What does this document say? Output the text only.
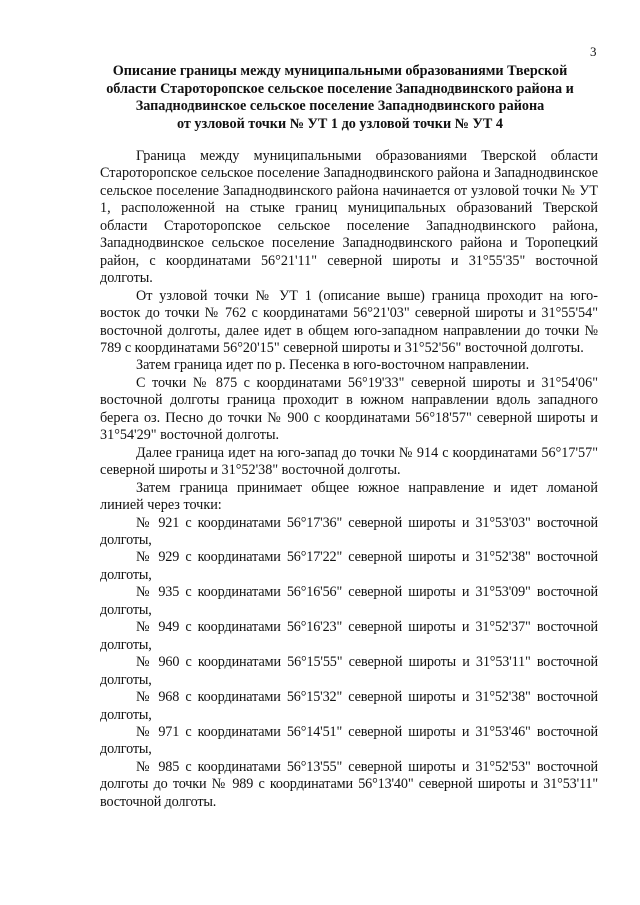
3
Описание границы между муниципальными образованиями Тверской
области Старотoропское сельское поселение Западнодвинского района и
Западнодвинское сельское поселение Западнодвинского района
от узловой точки № УТ 1 до узловой точки № УТ 4

Граница между муниципальными образованиями Тверской области Старотoропское сельское поселение Западнодвинского района и Западнодвинское сельское поселение Западнодвинского района начинается от узловой точки № УТ 1, расположенной на стыке границ муниципальных образований Тверской области Старотoропское сельское поселение Западнодвинского района, Западнодвинское сельское поселение Западнодвинского района и Торопецкий район, с координатами 56°21'11" северной широты и 31°55'35" восточной долготы.

От узловой точки № УТ 1 (описание выше) граница проходит на юго-восток до точки № 762 с координатами 56°21'03" северной широты и 31°55'54" восточной долготы, далее идет в общем юго-западном направлении до точки № 789 с координатами 56°20'15" северной широты и 31°52'56" восточной долготы.

Затем граница идет по р. Песенка в юго-восточном направлении.

С точки № 875 с координатами 56°19'33" северной широты и 31°54'06" восточной долготы граница проходит в южном направлении вдоль западного берега оз. Песно до точки № 900 с координатами 56°18'57" северной широты и 31°54'29" восточной долготы.

Далее граница идет на юго-запад до точки № 914 с координатами 56°17'57" северной широты и 31°52'38" восточной долготы.

Затем граница принимает общее южное направление и идет ломаной линией через точки:

№ 921 с координатами 56°17'36" северной широты и 31°53'03" восточной долготы,

№ 929 с координатами 56°17'22" северной широты и 31°52'38" восточной долготы,

№ 935 с координатами 56°16'56" северной широты и 31°53'09" восточной долготы,

№ 949 с координатами 56°16'23" северной широты и 31°52'37" восточной долготы,

№ 960 с координатами 56°15'55" северной широты и 31°53'11" восточной долготы,

№ 968 с координатами 56°15'32" северной широты и 31°52'38" восточной долготы,

№ 971 с координатами 56°14'51" северной широты и 31°53'46" восточной долготы,

№ 985 с координатами 56°13'55" северной широты и 31°52'53" восточной долготы до точки № 989 с координатами 56°13'40" северной широты и 31°53'11" восточной долготы.
